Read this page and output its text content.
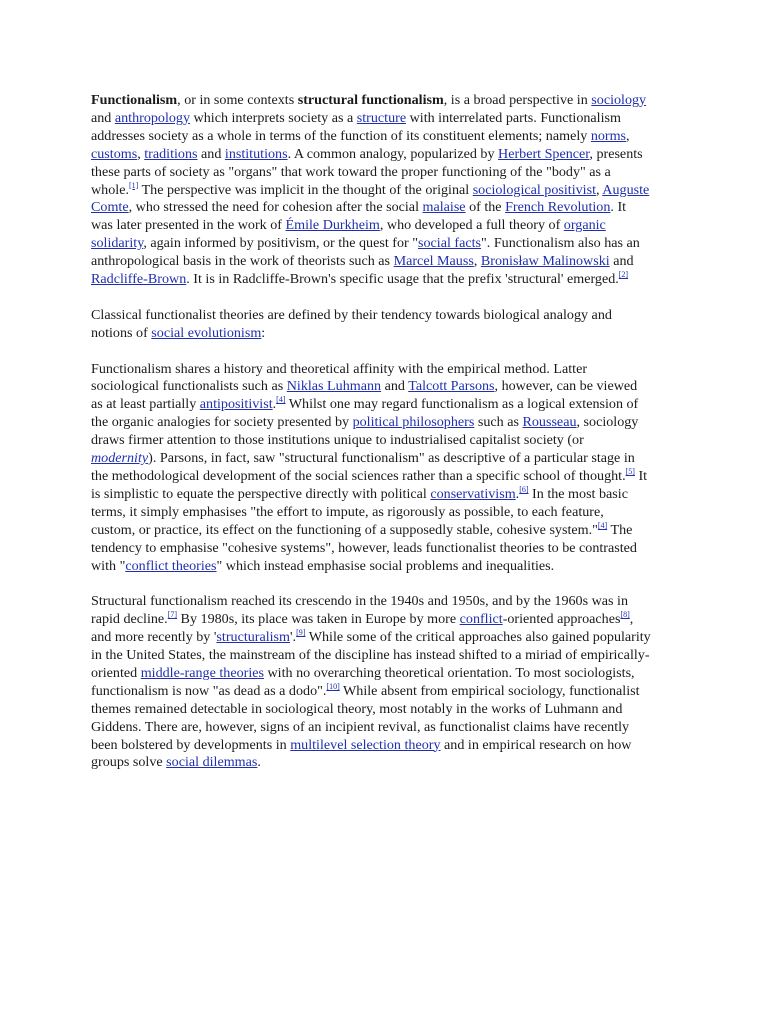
Functionalism, or in some contexts structural functionalism, is a broad perspective in sociology and anthropology which interprets society as a structure with interrelated parts. Functionalism addresses society as a whole in terms of the function of its constituent elements; namely norms, customs, traditions and institutions. A common analogy, popularized by Herbert Spencer, presents these parts of society as "organs" that work toward the proper functioning of the "body" as a whole.[1] The perspective was implicit in the thought of the original sociological positivist, Auguste Comte, who stressed the need for cohesion after the social malaise of the French Revolution. It was later presented in the work of Émile Durkheim, who developed a full theory of organic solidarity, again informed by positivism, or the quest for "social facts". Functionalism also has an anthropological basis in the work of theorists such as Marcel Mauss, Bronisław Malinowski and Radcliffe-Brown. It is in Radcliffe-Brown's specific usage that the prefix 'structural' emerged.[2]

Classical functionalist theories are defined by their tendency towards biological analogy and notions of social evolutionism:

Functionalism shares a history and theoretical affinity with the empirical method. Latter sociological functionalists such as Niklas Luhmann and Talcott Parsons, however, can be viewed as at least partially antipositivist.[4] Whilst one may regard functionalism as a logical extension of the organic analogies for society presented by political philosophers such as Rousseau, sociology draws firmer attention to those institutions unique to industrialised capitalist society (or modernity). Parsons, in fact, saw "structural functionalism" as descriptive of a particular stage in the methodological development of the social sciences rather than a specific school of thought.[5] It is simplistic to equate the perspective directly with political conservativism.[6] In the most basic terms, it simply emphasises "the effort to impute, as rigorously as possible, to each feature, custom, or practice, its effect on the functioning of a supposedly stable, cohesive system."[4] The tendency to emphasise "cohesive systems", however, leads functionalist theories to be contrasted with "conflict theories" which instead emphasise social problems and inequalities.

Structural functionalism reached its crescendo in the 1940s and 1950s, and by the 1960s was in rapid decline.[7] By 1980s, its place was taken in Europe by more conflict-oriented approaches[8], and more recently by 'structuralism'.[9] While some of the critical approaches also gained popularity in the United States, the mainstream of the discipline has instead shifted to a miriad of empirically-oriented middle-range theories with no overarching theoretical orientation. To most sociologists, functionalism is now "as dead as a dodo".[10] While absent from empirical sociology, functionalist themes remained detectable in sociological theory, most notably in the works of Luhmann and Giddens. There are, however, signs of an incipient revival, as functionalist claims have recently been bolstered by developments in multilevel selection theory and in empirical research on how groups solve social dilemmas.
